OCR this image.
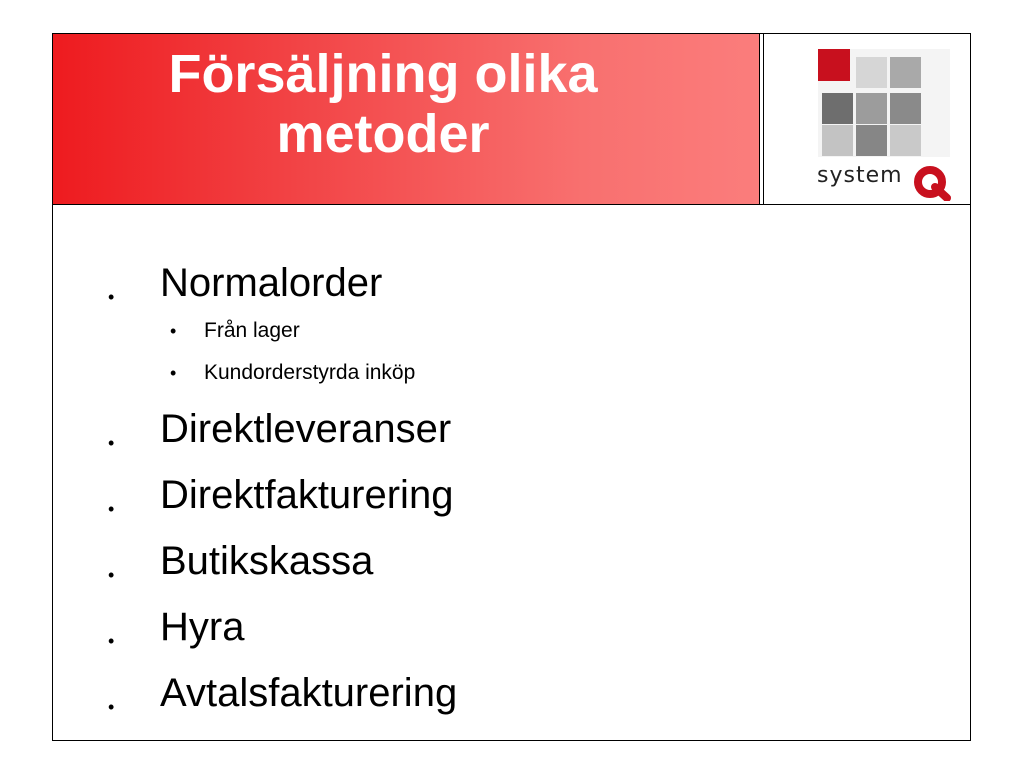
Försäljning olika
metoder
system
• Normalorder
• Från lager
• Kundorderstyrda inköp
• Direktleveranser
• Direktfakturering
• Butikskassa
• Hyra
• Avtalsfakturering
